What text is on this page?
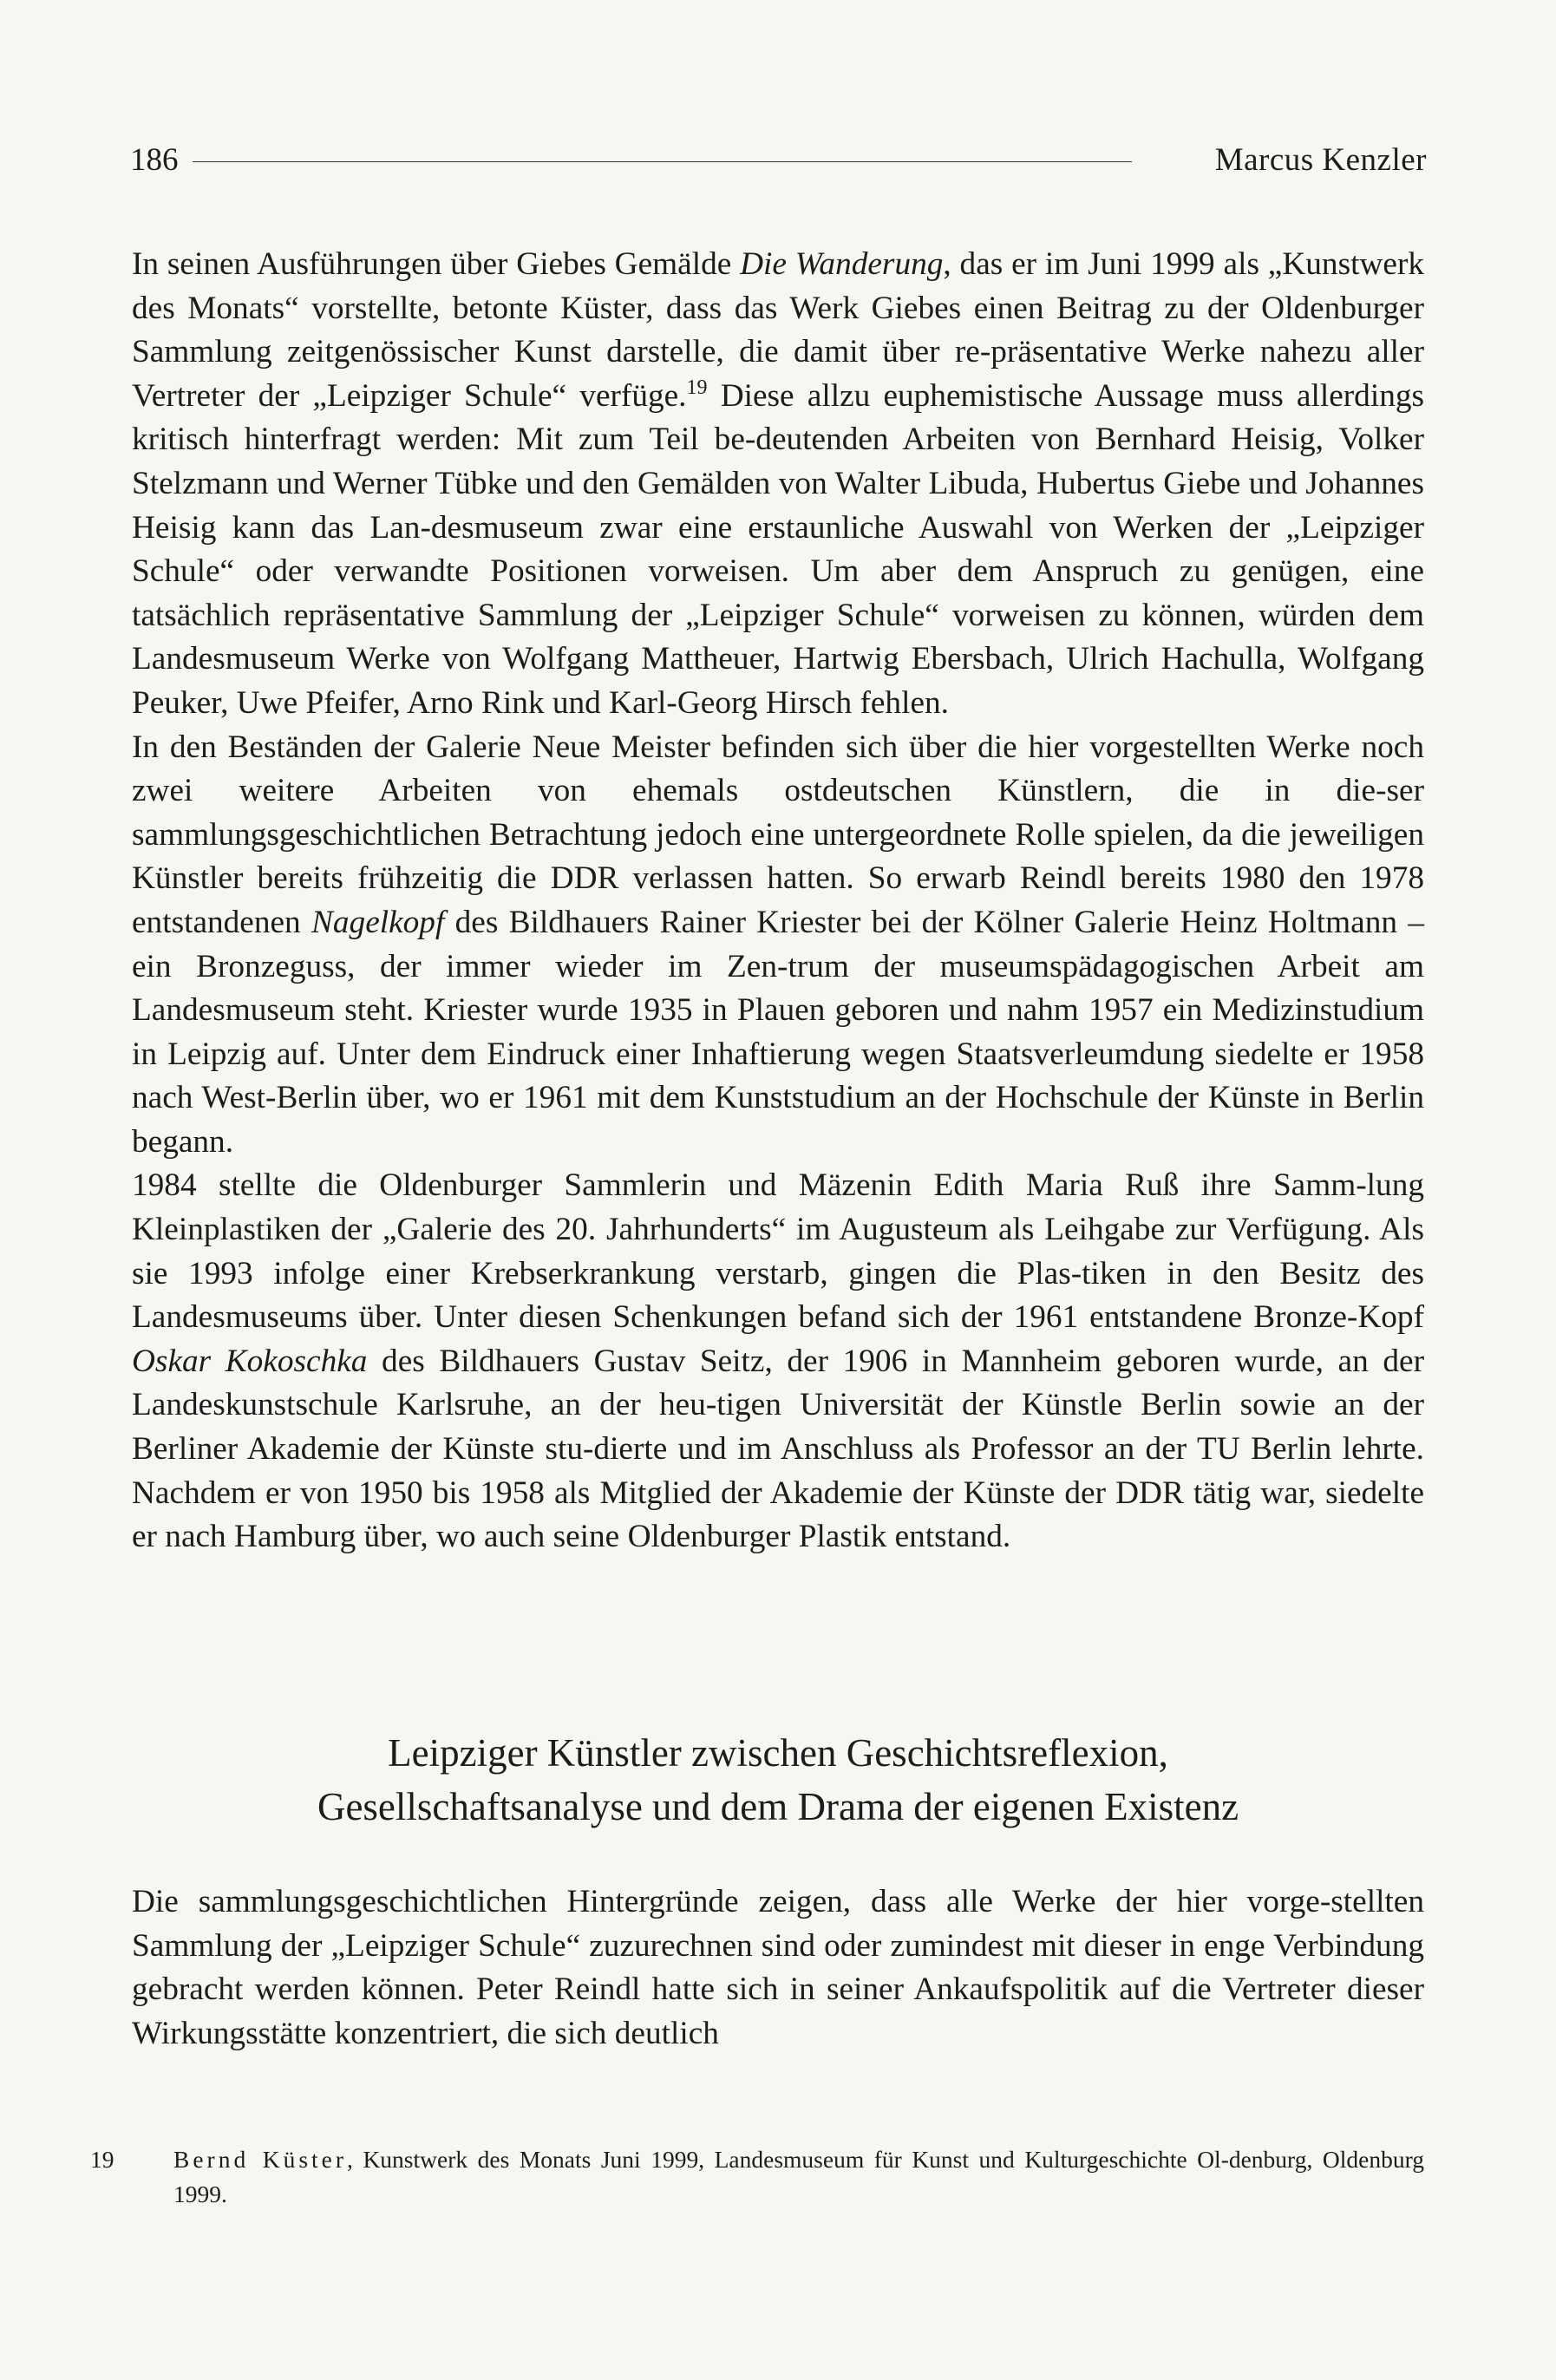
186	Marcus Kenzler

In seinen Ausführungen über Giebes Gemälde Die Wanderung, das er im Juni 1999 als „Kunstwerk des Monats“ vorstellte, betonte Küster, dass das Werk Giebes einen Beitrag zu der Oldenburger Sammlung zeitgenössischer Kunst darstelle, die damit über re-präsentative Werke nahezu aller Vertreter der „Leipziger Schule“ verfüge.$^{19}$ Diese allzu euphemistische Aussage muss allerdings kritisch hinterfragt werden: Mit zum Teil be-deutenden Arbeiten von Bernhard Heisig, Volker Stelzmann und Werner Tübke und den Gemälden von Walter Libuda, Hubertus Giebe und Johannes Heisig kann das Lan-desmuseum zwar eine erstaunliche Auswahl von Werken der „Leipziger Schule“ oder verwandte Positionen vorweisen. Um aber dem Anspruch zu genügen, eine tatsächlich repräsentative Sammlung der „Leipziger Schule“ vorweisen zu können, würden dem Landesmuseum Werke von Wolfgang Mattheuer, Hartwig Ebersbach, Ulrich Hachulla, Wolfgang Peuker, Uwe Pfeifer, Arno Rink und Karl-Georg Hirsch fehlen.

In den Beständen der Galerie Neue Meister befinden sich über die hier vorgestellten Werke noch zwei weitere Arbeiten von ehemals ostdeutschen Künstlern, die in die-ser sammlungsgeschichtlichen Betrachtung jedoch eine untergeordnete Rolle spielen, da die jeweiligen Künstler bereits frühzeitig die DDR verlassen hatten. So erwarb Reindl bereits 1980 den 1978 entstandenen Nagelkopf des Bildhauers Rainer Kriester bei der Kölner Galerie Heinz Holtmann – ein Bronzeguss, der immer wieder im Zen-trum der museumspädagogischen Arbeit am Landesmuseum steht. Kriester wurde 1935 in Plauen geboren und nahm 1957 ein Medizinstudium in Leipzig auf. Unter dem Eindruck einer Inhaftierung wegen Staatsverleumdung siedelte er 1958 nach West-Berlin über, wo er 1961 mit dem Kunststudium an der Hochschule der Künste in Berlin begann.

1984 stellte die Oldenburger Sammlerin und Mäzenin Edith Maria Ruß ihre Samm-lung Kleinplastiken der „Galerie des 20. Jahrhunderts“ im Augusteum als Leihgabe zur Verfügung. Als sie 1993 infolge einer Krebserkrankung verstarb, gingen die Plas-tiken in den Besitz des Landesmuseums über. Unter diesen Schenkungen befand sich der 1961 entstandene Bronze-Kopf Oskar Kokoschka des Bildhauers Gustav Seitz, der 1906 in Mannheim geboren wurde, an der Landeskunstschule Karlsruhe, an der heu-tigen Universität der Künstle Berlin sowie an der Berliner Akademie der Künste stu-dierte und im Anschluss als Professor an der TU Berlin lehrte. Nachdem er von 1950 bis 1958 als Mitglied der Akademie der Künste der DDR tätig war, siedelte er nach Hamburg über, wo auch seine Oldenburger Plastik entstand.

Leipziger Künstler zwischen Geschichtsreflexion,
Gesellschaftsanalyse und dem Drama der eigenen Existenz

Die sammlungsgeschichtlichen Hintergründe zeigen, dass alle Werke der hier vorge-stellten Sammlung der „Leipziger Schule“ zuzurechnen sind oder zumindest mit dieser in enge Verbindung gebracht werden können. Peter Reindl hatte sich in seiner Ankaufspolitik auf die Vertreter dieser Wirkungsstätte konzentriert, die sich deutlich

19 Bernd Küster, Kunstwerk des Monats Juni 1999, Landesmuseum für Kunst und Kulturgeschichte Ol-denburg, Oldenburg 1999.
